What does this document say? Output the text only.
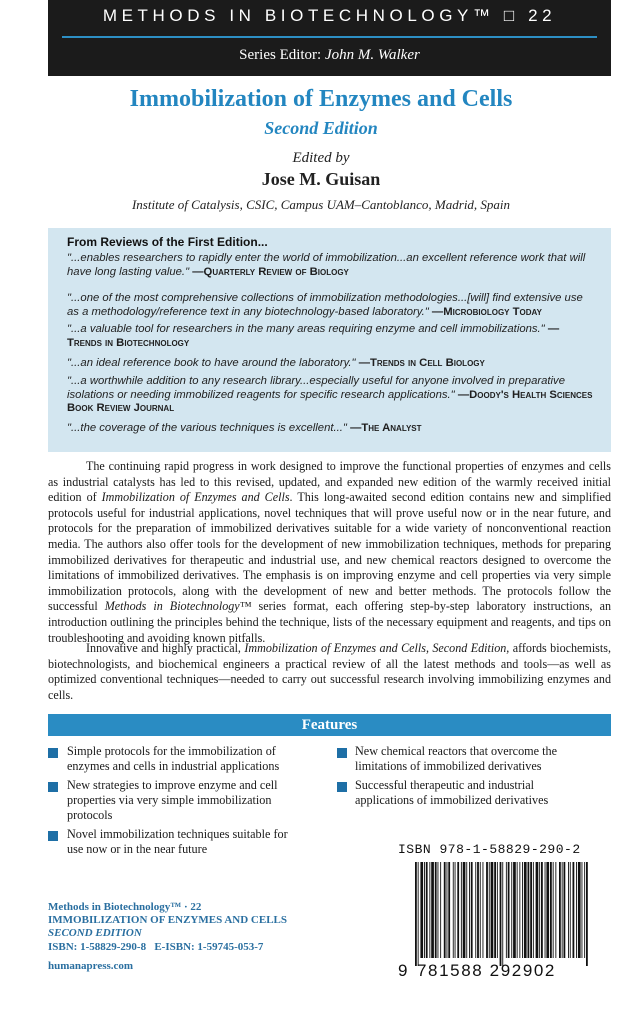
METHODS IN BIOTECHNOLOGY™ □ 22
Series Editor: John M. Walker
Immobilization of Enzymes and Cells
Second Edition
Edited by
Jose M. Guisan
Institute of Catalysis, CSIC, Campus UAM–Cantoblanco, Madrid, Spain
From Reviews of the First Edition...
"...enables researchers to rapidly enter the world of immobilization...an excellent reference work that will have long lasting value." —Quarterly Review of Biology
"...one of the most comprehensive collections of immobilization methodologies...[will] find extensive use as a methodology/reference text in any biotechnology-based laboratory." —Microbiology Today
"...a valuable tool for researchers in the many areas requiring enzyme and cell immobilizations." — Trends in Biotechnology
"...an ideal reference book to have around the laboratory." —Trends in Cell Biology
"...a worthwhile addition to any research library...especially useful for anyone involved in preparative isolations or needing immobilized reagents for specific research applications." —Doody's Health Sciences Book Review Journal
"...the coverage of the various techniques is excellent..." —The Analyst
The continuing rapid progress in work designed to improve the functional properties of enzymes and cells as industrial catalysts has led to this revised, updated, and expanded new edition of the warmly received initial edition of Immobilization of Enzymes and Cells. This long-awaited second edition contains new and simplified protocols useful for industrial applications, novel techniques that will prove useful now or in the near future, and protocols for the preparation of immobilized derivatives suitable for a wide variety of nonconventional reaction media. The authors also offer tools for the development of new immobilization techniques, methods for preparing immobilized derivatives for therapeutic and industrial use, and new chemical reactors designed to overcome the limitations of immobilized derivatives. The emphasis is on improving enzyme and cell properties via very simple immobilization protocols, along with the development of new and better methods. The protocols follow the successful Methods in Biotechnology™ series format, each offering step-by-step laboratory instructions, an introduction outlining the principles behind the technique, lists of the necessary equipment and reagents, and tips on troubleshooting and avoiding known pitfalls.
Innovative and highly practical, Immobilization of Enzymes and Cells, Second Edition, affords biochemists, biotechnologists, and biochemical engineers a practical review of all the latest methods and tools—as well as optimized conventional techniques—needed to carry out successful research involving immobilizing enzymes and cells.
Features
Simple protocols for the immobilization of enzymes and cells in industrial applications
New strategies to improve enzyme and cell properties via very simple immobilization protocols
Novel immobilization techniques suitable for use now or in the near future
New chemical reactors that overcome the limitations of immobilized derivatives
Successful therapeutic and industrial applications of immobilized derivatives
ISBN 978-1-58829-290-2
9 781588 292902
Methods in Biotechnology™ · 22
IMMOBILIZATION OF ENZYMES AND CELLS
SECOND EDITION
ISBN: 1-58829-290-8   E-ISBN: 1-59745-053-7
humanapress.com
